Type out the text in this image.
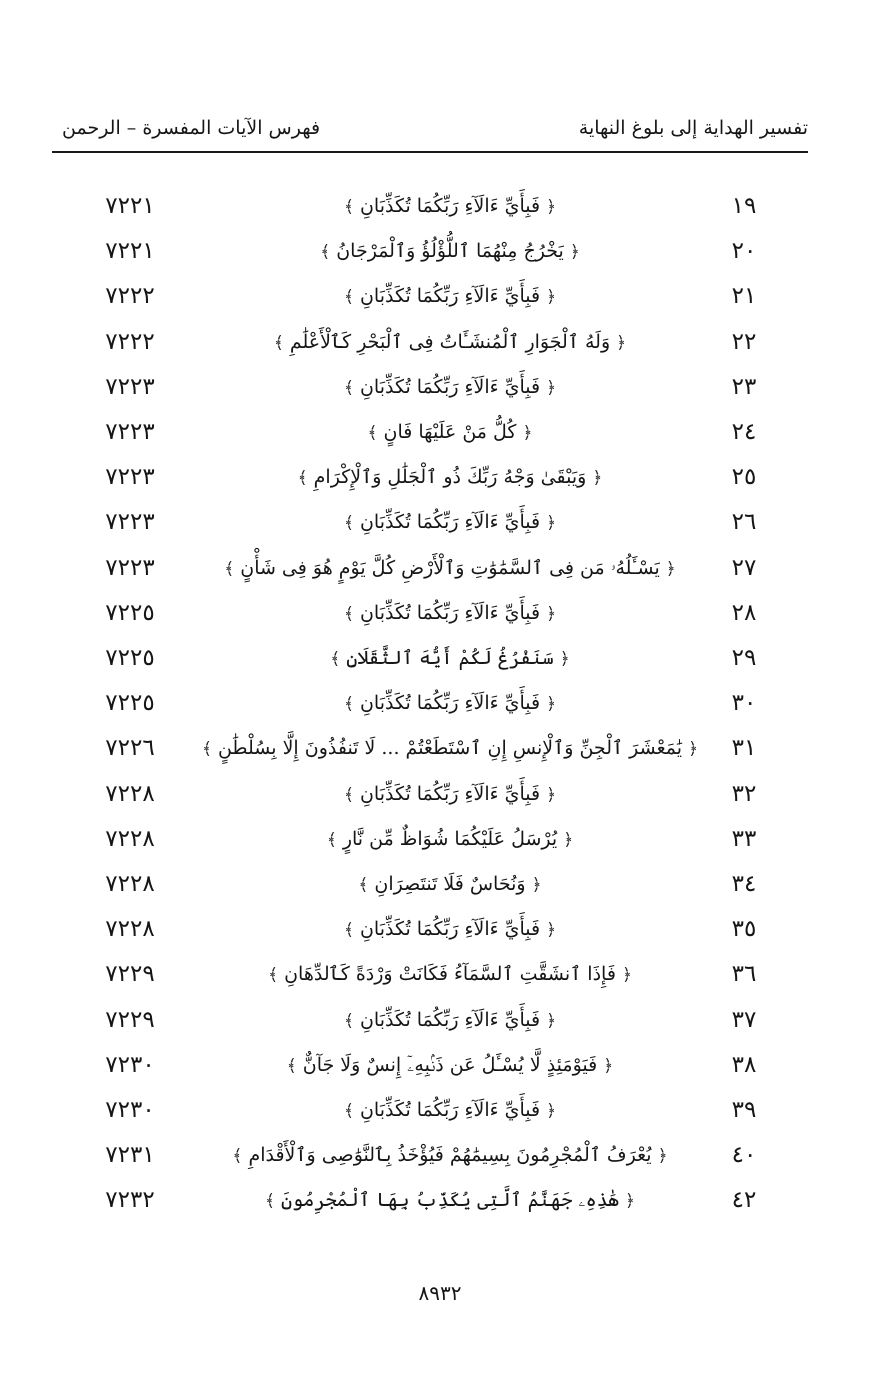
تفسير الهداية إلى بلوغ النهاية
فهرس الآيات المفسرة – الرحمن
١٩
﴿ فَبِأَيِّ ءَالَآءِ رَبِّكُمَا تُكَذِّبَانِ ﴾
٧٢٢١
٢٠
﴿ يَخْرُجُ مِنْهُمَا ٱللُّؤْلُؤُ وَٱلْمَرْجَانُ ﴾
٧٢٢١
٢١
﴿ فَبِأَيِّ ءَالَآءِ رَبِّكُمَا تُكَذِّبَانِ ﴾
٧٢٢٢
٢٢
﴿ وَلَهُ ٱلْجَوَارِ ٱلْمُنشَـَٔاتُ فِى ٱلْبَحْرِ كَٱلْأَعْلَٰمِ ﴾
٧٢٢٢
٢٣
﴿ فَبِأَيِّ ءَالَآءِ رَبِّكُمَا تُكَذِّبَانِ ﴾
٧٢٢٣
٢٤
﴿ كُلُّ مَنْ عَلَيْهَا فَانٍ ﴾
٧٢٢٣
٢٥
﴿ وَيَبْقَىٰ وَجْهُ رَبِّكَ ذُو ٱلْجَلَٰلِ وَٱلْإِكْرَامِ ﴾
٧٢٢٣
٢٦
﴿ فَبِأَيِّ ءَالَآءِ رَبِّكُمَا تُكَذِّبَانِ ﴾
٧٢٢٣
٢٧
﴿ يَسْـَٔلُهُۥ مَن فِى ٱلسَّمَٰوَٰتِ وَٱلْأَرْضِ كُلَّ يَوْمٍ هُوَ فِى شَأْنٍ ﴾
٧٢٢٣
٢٨
﴿ فَبِأَيِّ ءَالَآءِ رَبِّكُمَا تُكَذِّبَانِ ﴾
٧٢٢٥
٢٩
﴿ سَنَفْرُغُ لَكُمْ أَيُّهَ ٱلثَّقَلَانِ ﴾
٧٢٢٥
٣٠
﴿ فَبِأَيِّ ءَالَآءِ رَبِّكُمَا تُكَذِّبَانِ ﴾
٧٢٢٥
٣١
﴿ يَٰمَعْشَرَ ٱلْجِنِّ وَٱلْإِنسِ إِنِ ٱسْتَطَعْتُمْ ... لَا تَنفُذُونَ إِلَّا بِسُلْطَٰنٍ ﴾
٧٢٢٦
٣٢
﴿ فَبِأَيِّ ءَالَآءِ رَبِّكُمَا تُكَذِّبَانِ ﴾
٧٢٢٨
٣٣
﴿ يُرْسَلُ عَلَيْكُمَا شُوَاظٌ مِّن نَّارٍ ﴾
٧٢٢٨
٣٤
﴿ وَنُحَاسٌ فَلَا تَنتَصِرَانِ ﴾
٧٢٢٨
٣٥
﴿ فَبِأَيِّ ءَالَآءِ رَبِّكُمَا تُكَذِّبَانِ ﴾
٧٢٢٨
٣٦
﴿ فَإِذَا ٱنشَقَّتِ ٱلسَّمَآءُ فَكَانَتْ وَرْدَةً كَٱلدِّهَانِ ﴾
٧٢٢٩
٣٧
﴿ فَبِأَيِّ ءَالَآءِ رَبِّكُمَا تُكَذِّبَانِ ﴾
٧٢٢٩
٣٨
﴿ فَيَوْمَئِذٍ لَّا يُسْـَٔلُ عَن ذَنۢبِهِۦٓ إِنسٌ وَلَا جَآنٌّ ﴾
٧٢٣٠
٣٩
﴿ فَبِأَيِّ ءَالَآءِ رَبِّكُمَا تُكَذِّبَانِ ﴾
٧٢٣٠
٤٠
﴿ يُعْرَفُ ٱلْمُجْرِمُونَ بِسِيمَٰهُمْ فَيُؤْخَذُ بِٱلنَّوَٰصِى وَٱلْأَقْدَامِ ﴾
٧٢٣١
٤٢
﴿ هَٰذِهِۦ جَهَنَّمُ ٱلَّتِى يُكَذِّبُ بِهَا ٱلْمُجْرِمُونَ ﴾
٧٢٣٢
٨٩٣٢
